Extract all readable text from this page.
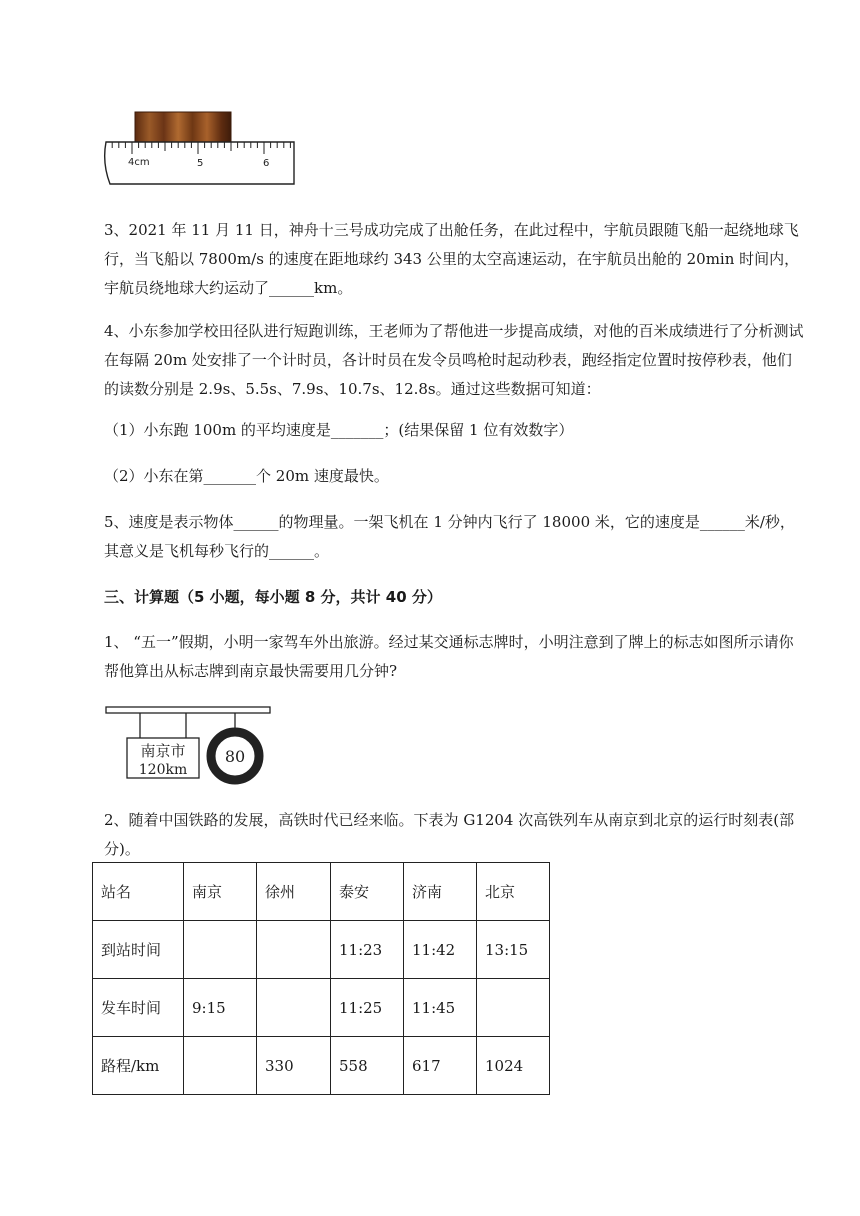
4cm	5	6

3、2021 年 11 月 11 日，神舟十三号成功完成了出舱任务，在此过程中，宇航员跟随飞船一起绕地球飞行，当飞船以 7800m/s 的速度在距地球约 343 公里的太空高速运动，在宇航员出舱的 20min 时间内，宇航员绕地球大约运动了______km。

4、小东参加学校田径队进行短跑训练，王老师为了帮他进一步提高成绩，对他的百米成绩进行了分析测试在每隔 20m 处安排了一个计时员，各计时员在发令员鸣枪时起动秒表，跑经指定位置时按停秒表，他们的读数分别是 2.9s、5.5s、7.9s、10.7s、12.8s。通过这些数据可知道：

（1）小东跑 100m 的平均速度是_______；(结果保留 1 位有效数字）

（2）小东在第_______个 20m 速度最快。

5、速度是表示物体______的物理量。一架飞机在 1 分钟内飞行了 18000 米，它的速度是______米/秒，其意义是飞机每秒飞行的______。

三、计算题（5 小题，每小题 8 分，共计 40 分）

1、 “五一”假期，小明一家驾车外出旅游。经过某交通标志牌时，小明注意到了牌上的标志如图所示请你帮他算出从标志牌到南京最快需要用几分钟?

南京市
120km
80

2、随着中国铁路的发展，高铁时代已经来临。下表为 G1204 次高铁列车从南京到北京的运行时刻表(部分)。

站名	南京	徐州	泰安	济南	北京
到站时间			11:23	11:42	13:15
发车时间	9:15		11:25	11:45	
路程/km		330	558	617	1024
